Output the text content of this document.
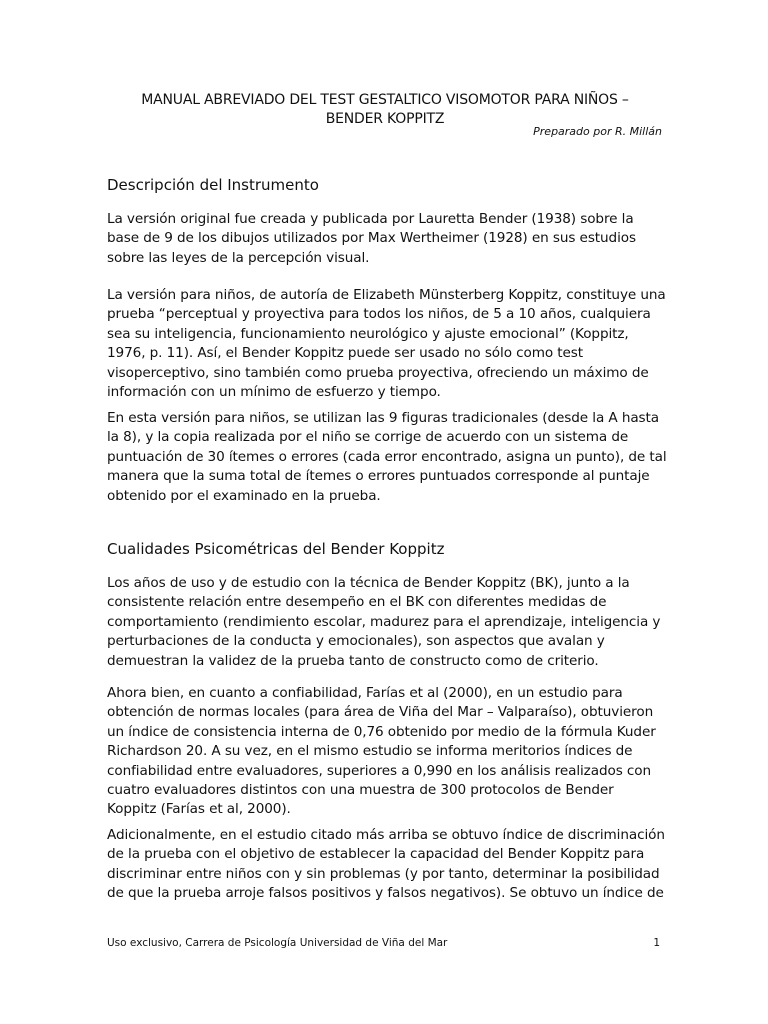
MANUAL ABREVIADO DEL TEST GESTALTICO VISOMOTOR PARA NIÑOS –
BENDER KOPPITZ
Preparado por R. Millán
Descripción del Instrumento
La versión original fue creada y publicada por Lauretta Bender (1938) sobre la base de 9 de los dibujos utilizados por Max Wertheimer (1928) en sus estudios sobre las leyes de la percepción visual.
La versión para niños, de autoría de Elizabeth Münsterberg Koppitz, constituye una prueba “perceptual y proyectiva para todos los niños, de 5 a 10 años, cualquiera sea su inteligencia, funcionamiento neurológico y ajuste emocional” (Koppitz, 1976, p. 11). Así, el Bender Koppitz puede ser usado no sólo como test visoperceptivo, sino también como prueba proyectiva, ofreciendo un máximo de información con un mínimo de esfuerzo y tiempo.
En esta versión para niños, se utilizan las 9 figuras tradicionales (desde la A hasta la 8), y la copia realizada por el niño se corrige de acuerdo con un sistema de puntuación de 30 ítemes o errores (cada error encontrado, asigna un punto), de tal manera que la suma total de ítemes o errores puntuados corresponde al puntaje obtenido por el examinado en la prueba.
Cualidades Psicométricas del Bender Koppitz
Los años de uso y de estudio con la técnica de Bender Koppitz (BK), junto a la consistente relación entre desempeño en el BK con diferentes medidas de comportamiento (rendimiento escolar, madurez para el aprendizaje, inteligencia y perturbaciones de la conducta y emocionales), son aspectos que avalan y demuestran la validez de la prueba tanto de constructo como de criterio.
Ahora bien, en cuanto a confiabilidad, Farías et al (2000), en un estudio para obtención de normas locales (para área de Viña del Mar – Valparaíso), obtuvieron un índice de consistencia interna de 0,76 obtenido por medio de la fórmula Kuder Richardson 20. A su vez, en el mismo estudio se informa meritorios índices de confiabilidad entre evaluadores, superiores a 0,990 en los análisis realizados con cuatro evaluadores distintos con una muestra de 300 protocolos de Bender Koppitz (Farías et al, 2000).
Adicionalmente, en el estudio citado más arriba se obtuvo índice de discriminación de la prueba con el objetivo de establecer la capacidad del Bender Koppitz para discriminar entre niños con y sin problemas (y por tanto, determinar la posibilidad de que la prueba arroje falsos positivos y falsos negativos). Se obtuvo un índice de
Uso exclusivo, Carrera de Psicología Universidad de Viña del Mar	1
